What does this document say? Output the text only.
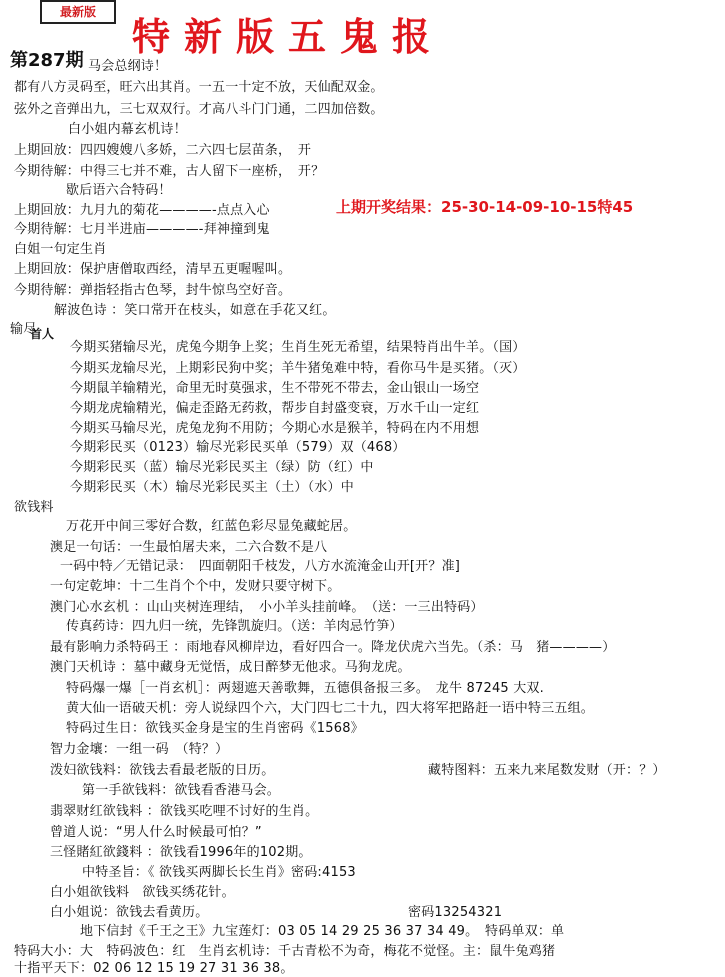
最新版
特新版五鬼报
第287期 马会总纲诗！
都有八方灵码至，旺六出其肖。一五一十定不放，天仙配双金。
弦外之音弹出九，三七双双行。才高八斗门门通，二四加倍数。
白小姐内幕玄机诗！
上期回放：四四嫂嫂八多娇，二六四七层苗条，　开
今期待解：中得三七并不难，古人留下一座桥，　开？
歇后语六合特码！
上期开奖结果：25-30-14-09-10-15特45
上期回放：九月九的菊花————-点点入心
今期待解：七月半进庙————-拜神撞到鬼
白姐一句定生肖
上期回放：保护唐僧取西经，清早五更喔喔叫。
今期待解：弹指轻指古色琴，封牛惊鸟空好音。
解波色诗 ：笑口常开在枝头，如意在手花又红。
输尽
首人
今期买猪输尽光，虎兔今期争上奖；生肖生死无希望，结果特肖出牛羊。（国）
今期买龙输尽光，上期彩民狗中奖；羊牛猪兔难中特，看你马牛是买猪。（灭）
今期鼠羊输精光，命里无时莫强求，生不带死不带去，金山银山一场空
今期龙虎输精光，偏走歪路无药救，帮步自封盛变衰，万水千山一定红
今期买马输尽光，虎兔龙狗不用防；今期心水是猴羊，特码在内不用想
今期彩民买（0123）输尽光彩民买单（579）双（468）
今期彩民买（蓝）输尽光彩民买主（绿）防（红）中
今期彩民买（木）输尽光彩民买主（土）（水）中
欲钱料
万花开中间三零好合数，红蓝色彩尽显兔藏蛇居。
澳足一句话：一生最怕屠夫来，二六合数不是八
一码中特／无错记录：　四面朝阳千枝发，八方水流淹金山开[开？准]
一句定乾坤：十二生肖个个中，发财只要守树下。
澳门心水玄机 ：山山夹树连理结，　小小羊头挂前峰。　（送：一三出特码）
传真药诗：四九归一统，先锋凯旋归。（送：羊肉忌竹笋）
最有影响力杀特码王 ：雨地春风柳岸边，看好四合一。降龙伏虎六当先。（杀：马　猪————）
澳门天机诗 ：墓中藏身无觉悟，成日醉梦无他求。马狗龙虎。
特码爆一爆［一肖玄机］：两翅遮天善歌舞，五德俱备报三多。　龙牛 87245 大双.
黄大仙一语破天机：旁人说绿四个六，大门四七二十九，四大将军把路赶一语中特三五组。
特码过生日：欲钱买金身是宝的生肖密码《1568》
智力金壤：一组一码　（特？）
泼妇欲钱料：欲钱去看最老版的日历。	藏特图料：五来九来尾数发财（开：？）
第一手欲钱料：欲钱看香港马会。
翡翠财红欲钱料 ：欲钱买吃哩不讨好的生肖。
曾道人说：“男人什么时候最可怕？”
三怪賭紅欲錢料 ：欲钱看1996年的102期。
中特圣旨：《 欲钱买两脚长长生肖》密码:4153
白小姐欲钱料　欲钱买绣花针。
白小姐说：欲钱去看黄历。	密码13254321
地下信封《千王之王》九宝莲灯：03 05 14 29 25 36 37 34 49。　特码单双：单
特码大小：大　特码波色：红　生肖玄机诗：千古青松不为奇，梅花不觉怪。主：鼠牛兔鸡猪
十指平天下：02 06 12 15 19 27 31 36 38。
